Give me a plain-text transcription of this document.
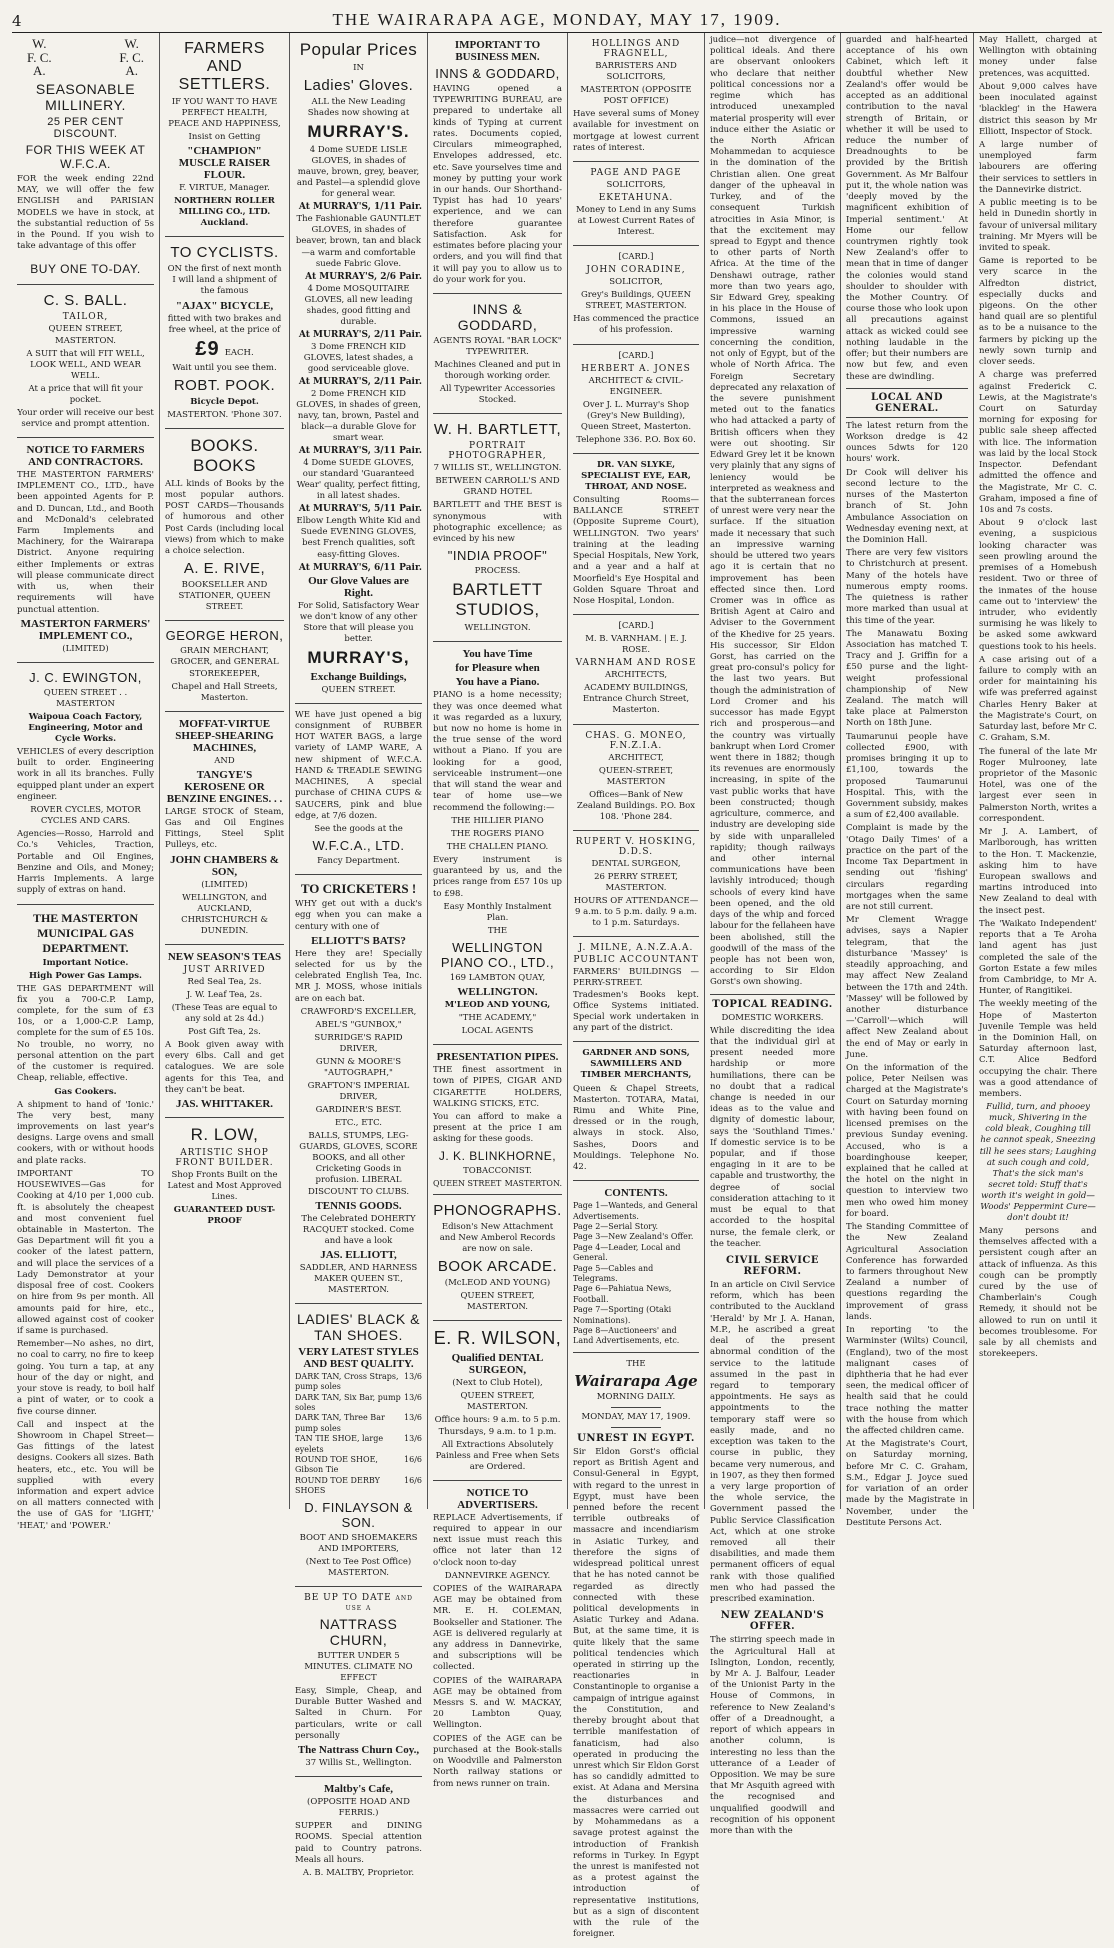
4	THE WAIRARAPA AGE, MONDAY, MAY 17, 1909.
W.
F. C.
A.
W.
F. C.
A.
SEASONABLE MILLINERY.
25 PER CENT DISCOUNT.
FOR THIS WEEK AT W.F.C.A.
FOR the week ending 22nd MAY, we will offer the few ENGLISH and PARISIAN MODELS we have in stock, at the substantial reduction of 5s in the Pound. If you wish to take advantage of this offer
BUY ONE TO-DAY.
C. S. BALL.
TAILOR,
QUEEN STREET, MASTERTON.
A SUIT that will FIT WELL, LOOK WELL, AND WEAR WELL.
At a price that will fit your pocket.
Your order will receive our best service and prompt attention.
NOTICE TO FARMERS AND CONTRACTORS.
THE MASTERTON FARMERS' IMPLEMENT CO., LTD., have been appointed Agents for P. and D. Duncan, Ltd., and Booth and McDonald's celebrated Farm Implements and Machinery, for the Wairarapa District. Anyone requiring either Implements or extras will please communicate direct with us, when their requirements will have punctual attention.
MASTERTON FARMERS' IMPLEMENT CO.,
(LIMITED)
J. C. EWINGTON,
QUEEN STREET . . MASTERTON
Waipoua Coach Factory, Engineering, Motor and Cycle Works.
VEHICLES of every description built to order. Engineering work in all its branches. Fully equipped plant under an expert engineer.
ROVER CYCLES, MOTOR CYCLES AND CARS.
Agencies—Rosso, Harrold and Co.'s Vehicles, Traction, Portable and Oil Engines, Benzine and Oils, and Money; Harris Implements. A large supply of extras on hand.
THE MASTERTON MUNICIPAL GAS DEPARTMENT.
Important Notice.
High Power Gas Lamps.
THE GAS DEPARTMENT will fix you a 700-C.P. Lamp, complete, for the sum of £3 10s, or a 1,000-C.P. Lamp, complete for the sum of £5 10s. No trouble, no worry, no personal attention on the part of the customer is required. Cheap, reliable, effective.
Gas Cookers.
A shipment to hand of 'Ionic.' The very best, many improvements on last year's designs. Large ovens and small cookers, with or without hoods and plate racks.
IMPORTANT TO HOUSEWIVES—Gas for Cooking at 4/10 per 1,000 cub. ft. is absolutely the cheapest and most convenient fuel obtainable in Masterton. The Gas Department will fit you a cooker of the latest pattern, and will place the services of a Lady Demonstrator at your disposal free of cost. Cookers on hire from 9s per month. All amounts paid for hire, etc., allowed against cost of cooker if same is purchased.
Remember—No ashes, no dirt, no coal to carry, no fire to keep going. You turn a tap, at any hour of the day or night, and your stove is ready, to boil half a pint of water, or to cook a five course dinner.
Call and inspect at the Showroom in Chapel Street—Gas fittings of the latest designs. Cookers all sizes. Bath heaters, etc., etc. You will be supplied with every information and expert advice on all matters connected with the use of GAS for 'LIGHT,' 'HEAT,' and 'POWER.'
FARMERS AND SETTLERS.
IF YOU WANT TO HAVE PERFECT HEALTH, PEACE AND HAPPINESS,
Insist on Getting
"CHAMPION" MUSCLE RAISER FLOUR.
F. VIRTUE, Manager.
NORTHERN ROLLER MILLING CO., LTD. Auckland.
TO CYCLISTS.
ON the first of next month I will land a shipment of the famous
"AJAX" BICYCLE,
fitted with two brakes and free wheel, at the price of
£9 EACH.
Wait until you see them.
ROBT. POOK.
Bicycle Depot.
MASTERTON. 'Phone 307.
BOOKS. BOOKS
ALL kinds of Books by the most popular authors. POST CARDS—Thousands of humorous and other Post Cards (including local views) from which to make a choice selection.
A. E. RIVE,
BOOKSELLER AND STATIONER, QUEEN STREET.
GEORGE HERON,
GRAIN MERCHANT, GROCER, and GENERAL STOREKEEPER,
Chapel and Hall Streets, Masterton.
MOFFAT-VIRTUE SHEEP-SHEARING MACHINES,
AND
TANGYE'S KEROSENE OR BENZINE ENGINES. . .
LARGE STOCK of Steam, Gas and Oil Engines Fittings, Steel Split Pulleys, etc.
JOHN CHAMBERS & SON,
(LIMITED)
WELLINGTON, and AUCKLAND, CHRISTCHURCH & DUNEDIN.
NEW SEASON'S TEAS
JUST ARRIVED
Red Seal Tea, 2s.
J. W. Leaf Tea, 2s.
(These Teas are equal to any sold at 2s 4d.)
Post Gift Tea, 2s.
A Book given away with every 6lbs. Call and get catalogues. We are sole agents for this Tea, and they can't be beat.
JAS. WHITTAKER.
R. LOW,
ARTISTIC SHOP FRONT BUILDER.
Shop Fronts Built on the Latest and Most Approved Lines.
GUARANTEED DUST-PROOF
Popular Prices
IN
Ladies' Gloves.
ALL the New Leading Shades now showing at
MURRAY'S.
4 Dome SUEDE LISLE GLOVES, in shades of mauve, brown, grey, beaver, and Pastel—a splendid glove for general wear.
At MURRAY'S, 1/11 Pair.
The Fashionable GAUNTLET GLOVES, in shades of beaver, brown, tan and black—a warm and comfortable suede Fabric Glove.
At MURRAY'S, 2/6 Pair.
4 Dome MOSQUITAIRE GLOVES, all new leading shades, good fitting and durable.
At MURRAY'S, 2/11 Pair.
3 Dome FRENCH KID GLOVES, latest shades, a good serviceable glove.
At MURRAY'S, 2/11 Pair.
2 Dome FRENCH KID GLOVES, in shades of green, navy, tan, brown, Pastel and black—a durable Glove for smart wear.
At MURRAY'S, 3/11 Pair.
4 Dome SUEDE GLOVES, our standard 'Guaranteed Wear' quality, perfect fitting, in all latest shades.
At MURRAY'S, 5/11 Pair.
Elbow Length White Kid and Suede EVENING GLOVES, best French qualities, soft easy-fitting Gloves.
At MURRAY'S, 6/11 Pair.
Our Glove Values are Right.
For Solid, Satisfactory Wear we don't know of any other Store that will please you better.
MURRAY'S,
Exchange Buildings,
QUEEN STREET.
WE have just opened a big consignment of RUBBER HOT WATER BAGS, a large variety of LAMP WARE, A new shipment of W.F.C.A. HAND & TREADLE SEWING MACHINES, A special purchase of CHINA CUPS & SAUCERS, pink and blue edge, at 7/6 dozen.
See the goods at the
W.F.C.A., LTD.
Fancy Department.
TO CRICKETERS !
WHY get out with a duck's egg when you can make a century with one of
ELLIOTT'S BATS?
Here they are! Specially selected for us by the celebrated English Tea, Inc. MR J. MOSS, whose initials are on each bat.
CRAWFORD'S EXCELLER,
ABEL'S "GUNBOX,"
SURRIDGE'S RAPID DRIVER,
GUNN & MOORE'S "AUTOGRAPH,"
GRAFTON'S IMPERIAL DRIVER,
GARDINER'S BEST.
ETC., ETC.
BALLS, STUMPS, LEG-GUARDS, GLOVES, SCORE BOOKS, and all other Cricketing Goods in profusion. LIBERAL DISCOUNT TO CLUBS.
TENNIS GOODS.
The Celebrated DOHERTY RACQUET stocked. Come and have a look
JAS. ELLIOTT,
SADDLER, AND HARNESS MAKER QUEEN ST., MASTERTON.
LADIES' BLACK & TAN SHOES.
VERY LATEST STYLES AND BEST QUALITY.
DARK TAN, Cross Straps, pump soles
13/6
DARK TAN, Six Bar, pump soles
13/6
DARK TAN, Three Bar pump soles
13/6
TAN TIE SHOE, large eyelets
13/6
ROUND TOE SHOE, Gibson Tie
16/6
ROUND TOE DERBY SHOES
16/6
D. FINLAYSON & SON.
BOOT AND SHOEMAKERS AND IMPORTERS,
(Next to Tee Post Office) MASTERTON.
BE UP TO DATE and use a
NATTRASS CHURN,
BUTTER UNDER 5 MINUTES. CLIMATE NO EFFECT
Easy, Simple, Cheap, and Durable Butter Washed and Salted in Churn. For particulars, write or call personally
The Nattrass Churn Coy.,
37 Willis St., Wellington.
Maltby's Cafe,
(OPPOSITE HOAD AND FERRIS.)
SUPPER and DINING ROOMS. Special attention paid to Country patrons. Meals all hours.
A. B. MALTBY, Proprietor.
IMPORTANT TO BUSINESS MEN.
INNS & GODDARD,
HAVING opened a TYPEWRITING BUREAU, are prepared to undertake all kinds of Typing at current rates. Documents copied, Circulars mimeographed, Envelopes addressed, etc. etc. Save yourselves time and money by putting your work in our hands. Our Shorthand-Typist has had 10 years' experience, and we can therefore guarantee Satisfaction. Ask for estimates before placing your orders, and you will find that it will pay you to allow us to do your work for you.
INNS & GODDARD,
AGENTS ROYAL "BAR LOCK" TYPEWRITER.
Machines Cleaned and put in thorough working order.
All Typewriter Accessories Stocked.
W. H. BARTLETT,
PORTRAIT PHOTOGRAPHER,
7 WILLIS ST., WELLINGTON.
BETWEEN CARROLL'S AND GRAND HOTEL
BARTLETT and THE BEST is synonymous with photographic excellence; as evinced by his new
"INDIA PROOF"
PROCESS.
BARTLETT STUDIOS,
WELLINGTON.
You have Time
for Pleasure when
You have a Piano.
PIANO is a home necessity; they was once deemed what it was regarded as a luxury, but now no home is home in the true sense of the word without a Piano. If you are looking for a good, serviceable instrument—one that will stand the wear and tear of home use—we recommend the following:—
THE HILLIER PIANO
THE ROGERS PIANO
THE CHALLEN PIANO.
Every instrument is guaranteed by us, and the prices range from £57 10s up to £98.
Easy Monthly Instalment Plan.
THE
WELLINGTON PIANO CO., LTD.,
169 LAMBTON QUAY,
WELLINGTON.
M'LEOD AND YOUNG,
"THE ACADEMY,"
LOCAL AGENTS
PRESENTATION PIPES.
THE finest assortment in town of PIPES, CIGAR AND CIGARETTE HOLDERS, WALKING STICKS, ETC.
You can afford to make a present at the price I am asking for these goods.
J. K. BLINKHORNE,
TOBACCONIST.
QUEEN STREET MASTERTON.
PHONOGRAPHS.
Edison's New Attachment and New Amberol Records are now on sale.
BOOK ARCADE.
(McLEOD AND YOUNG)
QUEEN STREET, MASTERTON.
E. R. WILSON,
Qualified DENTAL SURGEON,
(Next to Club Hotel),
QUEEN STREET, MASTERTON.
Office hours: 9 a.m. to 5 p.m. Thursdays, 9 a.m. to 1 p.m.
All Extractions Absolutely Painless and Free when Sets are Ordered.
NOTICE TO ADVERTISERS.
REPLACE Advertisements, if required to appear in our next issue must reach this office not later than 12 o'clock noon to-day
DANNEVIRKE AGENCY.
COPIES of the WAIRARAPA AGE may be obtained from MR. E. H. COLEMAN, Bookseller and Stationer. The AGE is delivered regularly at any address in Dannevirke, and subscriptions will be collected.
COPIES of the WAIRARAPA AGE may be obtained from Messrs S. and W. MACKAY, 20 Lambton Quay, Wellington.
COPIES of the AGE can be purchased at the Book-stalls on Woodville and Palmerston North railway stations or from news runner on train.
HOLLINGS AND FRAGNELL,
BARRISTERS AND SOLICITORS,
MASTERTON (OPPOSITE POST OFFICE)
Have several sums of Money available for investment on mortgage at lowest current rates of interest.
PAGE AND PAGE
SOLICITORS,
EKETAHUNA.
Money to Lend in any Sums at Lowest Current Rates of Interest.
[CARD.]
JOHN CORADINE,
SOLICITOR,
Grey's Buildings, QUEEN STREET, MASTERTON.
Has commenced the practice of his profession.
[CARD.]
HERBERT A. JONES
ARCHITECT & CIVIL-ENGINEER.
Over J. L. Murray's Shop (Grey's New Building), Queen Street, Masterton.
Telephone 336. P.O. Box 60.
DR. VAN SLYKE, SPECIALIST EYE, EAR, THROAT, AND NOSE.
Consulting Rooms—BALLANCE STREET (Opposite Supreme Court), WELLINGTON. Two years' training at the leading Special Hospitals, New York, and a year and a half at Moorfield's Eye Hospital and Golden Square Throat and Nose Hospital, London.
[CARD.]
M. B. VARNHAM. | E. J. ROSE.
VARNHAM AND ROSE
ARCHITECTS,
ACADEMY BUILDINGS, Entrance Church Street, Masterton.
CHAS. G. MONEO, F.N.Z.I.A.
ARCHITECT,
QUEEN-STREET, MASTERTON
Offices—Bank of New Zealand Buildings. P.O. Box 108. 'Phone 284.
RUPERT V. HOSKING, D.D.S.
DENTAL SURGEON,
26 PERRY STREET, MASTERTON.
HOURS OF ATTENDANCE— 9 a.m. to 5 p.m. daily. 9 a.m. to 1 p.m. Saturdays.
J. MILNE, A.N.Z.A.A.
PUBLIC ACCOUNTANT
FARMERS' BUILDINGS — PERRY-STREET. Tradesmen's Books kept. Office Systems initiated. Special work undertaken in any part of the district.
GARDNER AND SONS, SAWMILLERS AND TIMBER MERCHANTS,
Queen & Chapel Streets, Masterton. TOTARA, Matai, Rimu and White Pine, dressed or in the rough, always in stock. Also, Sashes, Doors and Mouldings. Telephone No. 42.
CONTENTS.
Page 1—Wanteds, and General Advertisements.
Page 2—Serial Story.
Page 3—New Zealand's Offer.
Page 4—Leader, Local and General.
Page 5—Cables and Telegrams.
Page 6—Pahiatua News, Football.
Page 7—Sporting (Otaki Nominations).
Page 8—Auctioneers' and Land Advertisements, etc.
THE
Wairarapa Age
MORNING DAILY.
MONDAY, MAY 17, 1909.
UNREST IN EGYPT.
Sir Eldon Gorst's official report as British Agent and Consul-General in Egypt, with regard to the unrest in Egypt, must have been penned before the recent terrible outbreaks of massacre and incendiarism in Asiatic Turkey, and therefore the signs of widespread political unrest that he has noted cannot be regarded as directly connected with these political developments in Asiatic Turkey and Adana. But, at the same time, it is quite likely that the same political tendencies which operated in stirring up the reactionaries in Constantinople to organise a campaign of intrigue against the Constitution, and thereby brought about that terrible manifestation of fanaticism, had also operated in producing the unrest which Sir Eldon Gorst has so candidly admitted to exist. At Adana and Mersina the disturbances and massacres were carried out by Mohammedans as a savage protest against the introduction of Frankish reforms in Turkey. In Egypt the unrest is manifested not as a protest against the introduction of representative institutions, but as a sign of discontent with the rule of the foreigner.
judice—not divergence of political ideals. And there are observant onlookers who declare that neither political concessions nor a regime which has introduced unexampled material prosperity will ever induce either the Asiatic or the North African Mohammedan to acquiesce in the domination of the Christian alien. One great danger of the upheaval in Turkey, and of the consequent Turkish atrocities in Asia Minor, is that the excitement may spread to Egypt and thence to other parts of North Africa. At the time of the Denshawi outrage, rather more than two years ago, Sir Edward Grey, speaking in his place in the House of Commons, issued an impressive warning concerning the condition, not only of Egypt, but of the whole of North Africa. The Foreign Secretary deprecated any relaxation of the severe punishment meted out to the fanatics who had attacked a party of British officers when they were out shooting. Sir Edward Grey let it be known very plainly that any signs of leniency would be interpreted as weakness and that the subterranean forces of unrest were very near the surface. If the situation made it necessary that such an impressive warning should be uttered two years ago it is certain that no improvement has been effected since then. Lord Cromer was in office as British Agent at Cairo and Adviser to the Government of the Khedive for 25 years. His successor, Sir Eldon Gorst, has carried on the great pro-consul's policy for the last two years. But though the administration of Lord Cromer and his successor has made Egypt rich and prosperous—and the country was virtually bankrupt when Lord Cromer went there in 1882; though its revenues are enormously increasing, in spite of the vast public works that have been constructed; though agriculture, commerce, and industry are developing side by side with unparalleled rapidity; though railways and other internal communications have been lavishly introduced; though schools of every kind have been opened, and the old days of the whip and forced labour for the fellaheen have been abolished, still the goodwill of the mass of the people has not been won, according to Sir Eldon Gorst's own showing.
TOPICAL READING.
DOMESTIC WORKERS.
While discrediting the idea that the individual girl at present needed more hardship or more humiliations, there can be no doubt that a radical change is needed in our ideas as to the value and dignity of domestic labour, says the 'Southland Times.' If domestic service is to be popular, and if those engaging in it are to be capable and trustworthy, the degree of social consideration attaching to it must be equal to that accorded to the hospital nurse, the female clerk, or the teacher.
CIVIL SERVICE REFORM.
In an article on Civil Service reform, which has been contributed to the Auckland 'Herald' by Mr J. A. Hanan, M.P., he ascribed a great deal of the present abnormal condition of the service to the latitude assumed in the past in regard to temporary appointments. He says as appointments to the temporary staff were so easily made, and no exception was taken to the course in public, they became very numerous, and in 1907, as they then formed a very large proportion of the whole service, the Government passed the Public Service Classification Act, which at one stroke removed all their disabilities, and made them permanent officers of equal rank with those qualified men who had passed the prescribed examination.
NEW ZEALAND'S OFFER.
The stirring speech made in the Agricultural Hall at Islington, London, recently, by Mr A. J. Balfour, Leader of the Unionist Party in the House of Commons, in reference to New Zealand's offer of a Dreadnought, a report of which appears in another column, is interesting no less than the utterance of a Leader of Opposition. We may be sure that Mr Asquith agreed with the recognised and unqualified goodwill and recognition of his opponent more than with the
guarded and half-hearted acceptance of his own Cabinet, which left it doubtful whether New Zealand's offer would be accepted as an additional contribution to the naval strength of Britain, or whether it will be used to reduce the number of Dreadnoughts to be provided by the British Government. As Mr Balfour put it, the whole nation was 'deeply moved by the magnificent exhibition of Imperial sentiment.' At Home our fellow countrymen rightly took New Zealand's offer to mean that in time of danger the colonies would stand shoulder to shoulder with the Mother Country. Of course those who look upon all precautions against attack as wicked could see nothing laudable in the offer; but their numbers are now but few, and even these are dwindling.
LOCAL AND GENERAL.
The latest return from the Workson dredge is 42 ounces 5dwts for 120 hours' work.
Dr Cook will deliver his second lecture to the nurses of the Masterton branch of St. John Ambulance Association on Wednesday evening next, at the Dominion Hall.
There are very few visitors to Christchurch at present. Many of the hotels have numerous empty rooms. The quietness is rather more marked than usual at this time of the year.
The Manawatu Boxing Association has matched T. Tracy and J. Griffin for a £50 purse and the light-weight professional championship of New Zealand. The match will take place at Palmerston North on 18th June.
Taumarunui people have collected £900, with promises bringing it up to £1,100, towards the proposed Taumarunui Hospital. This, with the Government subsidy, makes a sum of £2,400 available.
Complaint is made by the 'Otago Daily Times' of a practice on the part of the Income Tax Department in sending out 'fishing' circulars regarding mortgages when the same are not still current.
Mr Clement Wragge advises, says a Napier telegram, that the disturbance 'Massey' is steadily approaching, and may affect New Zealand between the 17th and 24th. 'Massey' will be followed by another disturbance—'Carroll'—which will affect New Zealand about the end of May or early in June.
On the information of the police, Peter Neilsen was charged at the Magistrate's Court on Saturday morning with having been found on licensed premises on the previous Sunday evening. Accused, who is a boardinghouse keeper, explained that he called at the hotel on the night in question to interview two men who owed him money for board.
The Standing Committee of the New Zealand Agricultural Association Conference has forwarded to farmers throughout New Zealand a number of questions regarding the improvement of grass lands.
In reporting 'to the Warminster (Wilts) Council, (England), two of the most malignant cases of diphtheria that he had ever seen, the medical officer of health said that he could trace nothing the matter with the house from which the affected children came.
At the Magistrate's Court, on Saturday morning, before Mr C. C. Graham, S.M., Edgar J. Joyce sued for variation of an order made by the Magistrate in November, under the Destitute Persons Act.
May Hallett, charged at Wellington with obtaining money under false pretences, was acquitted.
About 9,000 calves have been inoculated against 'blackleg' in the Hawera district this season by Mr Elliott, Inspector of Stock.
A large number of unemployed farm labourers are offering their services to settlers in the Dannevirke district.
A public meeting is to be held in Dunedin shortly in favour of universal military training. Mr Myers will be invited to speak.
Game is reported to be very scarce in the Alfredton district, especially ducks and pigeons. On the other hand quail are so plentiful as to be a nuisance to the farmers by picking up the newly sown turnip and clover seeds.
A charge was preferred against Frederick C. Lewis, at the Magistrate's Court on Saturday morning for exposing for public sale sheep affected with lice. The information was laid by the local Stock Inspector. Defendant admitted the offence and the Magistrate, Mr C. C. Graham, imposed a fine of 10s and 7s costs.
About 9 o'clock last evening, a suspicious looking character was seen prowling around the premises of a Homebush resident. Two or three of the inmates of the house came out to 'interview' the intruder, who evidently surmising he was likely to be asked some awkward questions took to his heels.
A case arising out of a failure to comply with an order for maintaining his wife was preferred against Charles Henry Baker at the Magistrate's Court, on Saturday last, before Mr C. C. Graham, S.M.
The funeral of the late Mr Roger Mulrooney, late proprietor of the Masonic Hotel, was one of the largest ever seen in Palmerston North, writes a correspondent.
Mr J. A. Lambert, of Marlborough, has written to the Hon. T. Mackenzie, asking him to have European swallows and martins introduced into New Zealand to deal with the insect pest.
The 'Waikato Independent' reports that a Te Aroha land agent has just completed the sale of the Gorton Estate a few miles from Cambridge, to Mr A. Hunter, of Rangitikei.
The weekly meeting of the Hope of Masterton Juvenile Temple was held in the Dominion Hall, on Saturday afternoon last, C.T. Alice Bedford occupying the chair. There was a good attendance of members.
Fullid, turn, and phooey muck, Shivering in the cold bleak, Coughing till he cannot speak, Sneezing till he sees stars; Laughing at such cough and cold, That's the sick man's secret told: Stuff that's worth it's weight in gold— Woods' Peppermint Cure—don't doubt it!
Many persons and themselves affected with a persistent cough after an attack of influenza. As this cough can be promptly cured by the use of Chamberlain's Cough Remedy, it should not be allowed to run on until it becomes troublesome. For sale by all chemists and storekeepers.
